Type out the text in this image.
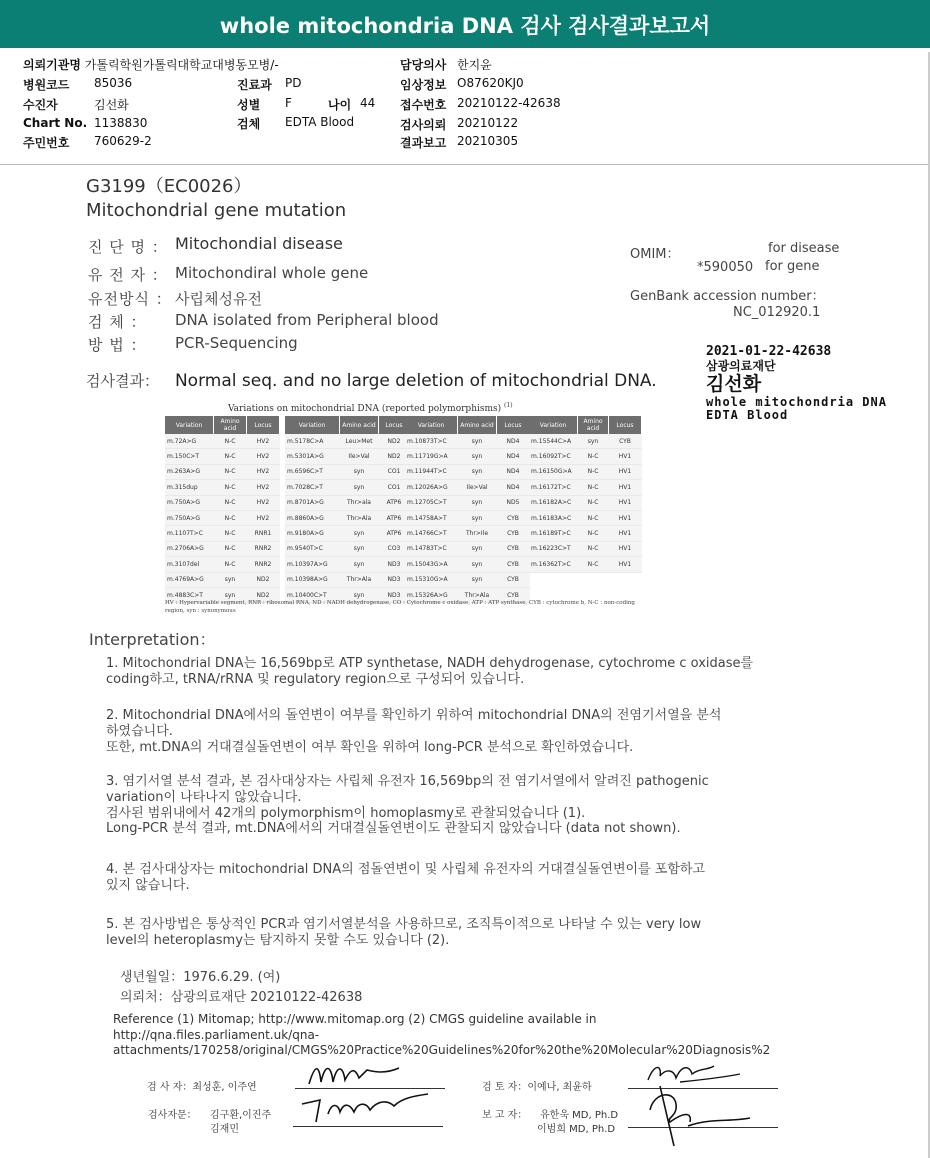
whole mitochondria DNA 검사 검사결과보고서
의뢰기관명 가톨릭학원가톨릭대학교대병동모병/-
병원코드 85036
수진자	김선화
Chart No. 1138830
주민번호 760629-2
진료과 PD
성별 F	나이 44
검체 EDTA Blood
담당의사 한지윤
임상정보 O87620KJ0
접수번호 20210122-42638
검사의뢰 20210122
결과보고 20210305
G3199（EC0026）
Mitochondrial gene mutation
진 단 명 ： Mitochondial disease
유 전 자 ： Mitochondiral whole gene
유전방식 ： 사립체성유전
검 체 ： DNA isolated from Peripheral blood
방 법 ： PCR-Sequencing
OMIM：	for disease
*590050 for gene
GenBank accession number：
NC_012920.1
2021-01-22-42638
삼광의료재단
김선화
whole mitochondria DNA
EDTA Blood
검사결과： Normal seq. and no large deletion of mitochondrial DNA.
Variations on mitochondrial DNA (reported polymorphisms) $^{(1)}$
Variation	Amino acid	Locus
m.72A>G	N-C	HV2
m.150C>T	N-C	HV2
m.263A>G	N-C	HV2
m.315dup	N-C	HV2
m.750A>G	N-C	HV2
m.750A>G	N-C	HV2
m.1107T>C	N-C	RNR1
m.2706A>G	N-C	RNR2
m.3107del	N-C	RNR2
m.4769A>G	syn	ND2
m.4883C>T	syn	ND2
Variation	Amino acid	Locus
m.5178C>A	Leu>Met	ND2
m.5301A>G	Ile>Val	ND2
m.6596C>T	syn	CO1
m.7028C>T	syn	CO1
m.8701A>G	Thr>ala	ATP6
m.8860A>G	Thr>Ala	ATP6
m.9180A>G	syn	ATP6
m.9540T>C	syn	CO3
m.10397A>G	syn	ND3
m.10398A>G	Thr>Ala	ND3
m.10400C>T	syn	ND3
Variation	Amino acid	Locus
m.10873T>C	syn	ND4
m.11719G>A	syn	ND4
m.11944T>C	syn	ND4
m.12026A>G	Ile>Val	ND4
m.12705C>T	syn	ND5
m.14758A>T	syn	CYB
m.14766C>T	Thr>Ile	CYB
m.14783T>C	syn	CYB
m.15043G>A	syn	CYB
m.15310G>A	syn	CYB
m.15326A>G	Thr>Ala	CYB
Variation	Amino acid	Locus
m.15544C>A	syn	CYB
m.16092T>C	N-C	HV1
m.16150G>A	N-C	HV1
m.16172T>C	N-C	HV1
m.16182A>C	N-C	HV1
m.16183A>C	N-C	HV1
m.16189T>C	N-C	HV1
m.16223C>T	N-C	HV1
m.16362T>C	N-C	HV1
HV : Hypervariable segment, RNR : ribosomal RNA, ND : NADH dehydrogenase, CO : Cytochrome c oxidase, ATP : ATP synthase, CYB : cytochrome b, N-C : non-coding region, syn : synonymous
Interpretation：
1. Mitochondrial DNA는 16,569bp로 ATP synthetase, NADH dehydrogenase, cytochrome c oxidase를
coding하고, tRNA/rRNA 및 regulatory region으로 구성되어 있습니다.
2. Mitochondrial DNA에서의 돌연변이 여부를 확인하기 위하여 mitochondrial DNA의 전염기서열을 분석
하였습니다.
또한, mt.DNA의 거대결실돌연변이 여부 확인을 위하여 long-PCR 분석으로 확인하였습니다.
3. 염기서열 분석 결과, 본 검사대상자는 사립체 유전자 16,569bp의 전 염기서열에서 알려진 pathogenic
variation이 나타나지 않았습니다.
검사된 범위내에서 42개의 polymorphism이 homoplasmy로 관찰되었습니다 (1).
Long-PCR 분석 결과, mt.DNA에서의 거대결실돌연변이도 관찰되지 않았습니다 (data not shown).
4. 본 검사대상자는 mitochondrial DNA의 점돌연변이 및 사립체 유전자의 거대결실돌연변이를 포함하고
있지 않습니다.
5. 본 검사방법은 통상적인 PCR과 염기서열분석을 사용하므로, 조직특이적으로 나타날 수 있는 very low
level의 heteroplasmy는 탐지하지 못할 수도 있습니다 (2).
생년월일：1976.6.29. (여)
의뢰처：삼광의료재단 20210122-42638
Reference (1) Mitomap; http://www.mitomap.org (2) CMGS guideline available in
http://qna.files.parliament.uk/qna-
attachments/170258/original/CMGS%20Practice%20Guidelines%20for%20the%20Molecular%20Diagnosis%2
검 사 자：최성훈, 이주연	검 토 자：이예나, 최윤하
검사자문： 김구환,이진주
김재민
보 고 자： 유한욱 MD, Ph.D
이범희 MD, Ph.D
